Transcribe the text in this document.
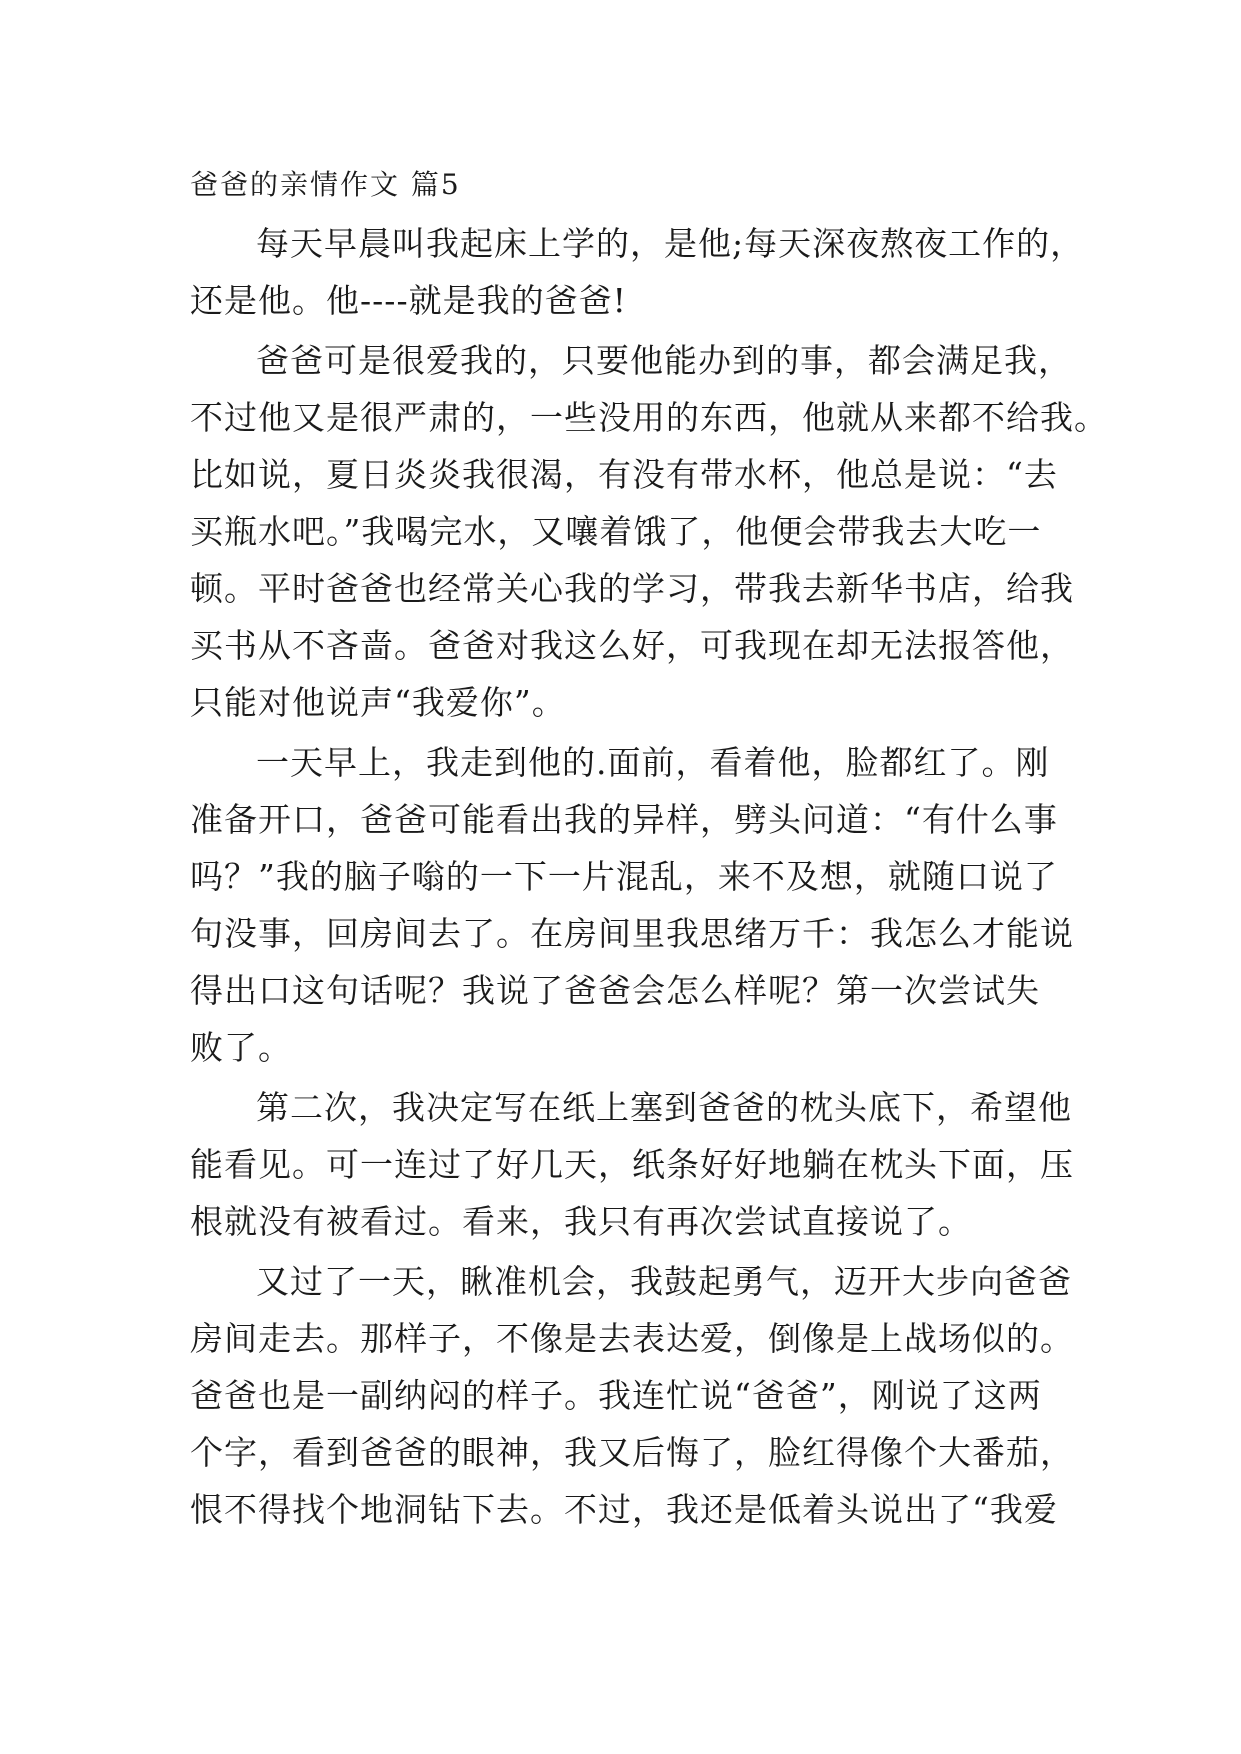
爸爸的亲情作文 篇5
每天早晨叫我起床上学的，是他;每天深夜熬夜工作的，
还是他。他----就是我的爸爸!
爸爸可是很爱我的，只要他能办到的事，都会满足我，
不过他又是很严肃的，一些没用的东西，他就从来都不给我。
比如说，夏日炎炎我很渴，有没有带水杯，他总是说：“去
买瓶水吧。”我喝完水，又嚷着饿了，他便会带我去大吃一
顿。平时爸爸也经常关心我的学习，带我去新华书店，给我
买书从不吝啬。爸爸对我这么好，可我现在却无法报答他，
只能对他说声“我爱你”。
一天早上，我走到他的.面前，看着他，脸都红了。刚
准备开口，爸爸可能看出我的异样，劈头问道：“有什么事
吗？”我的脑子嗡的一下一片混乱，来不及想，就随口说了
句没事，回房间去了。在房间里我思绪万千：我怎么才能说
得出口这句话呢？我说了爸爸会怎么样呢？第一次尝试失
败了。
第二次，我决定写在纸上塞到爸爸的枕头底下，希望他
能看见。可一连过了好几天，纸条好好地躺在枕头下面，压
根就没有被看过。看来，我只有再次尝试直接说了。
又过了一天，瞅准机会，我鼓起勇气，迈开大步向爸爸
房间走去。那样子，不像是去表达爱，倒像是上战场似的。
爸爸也是一副纳闷的样子。我连忙说“爸爸”，刚说了这两
个字，看到爸爸的眼神，我又后悔了，脸红得像个大番茄，
恨不得找个地洞钻下去。不过，我还是低着头说出了“我爱
